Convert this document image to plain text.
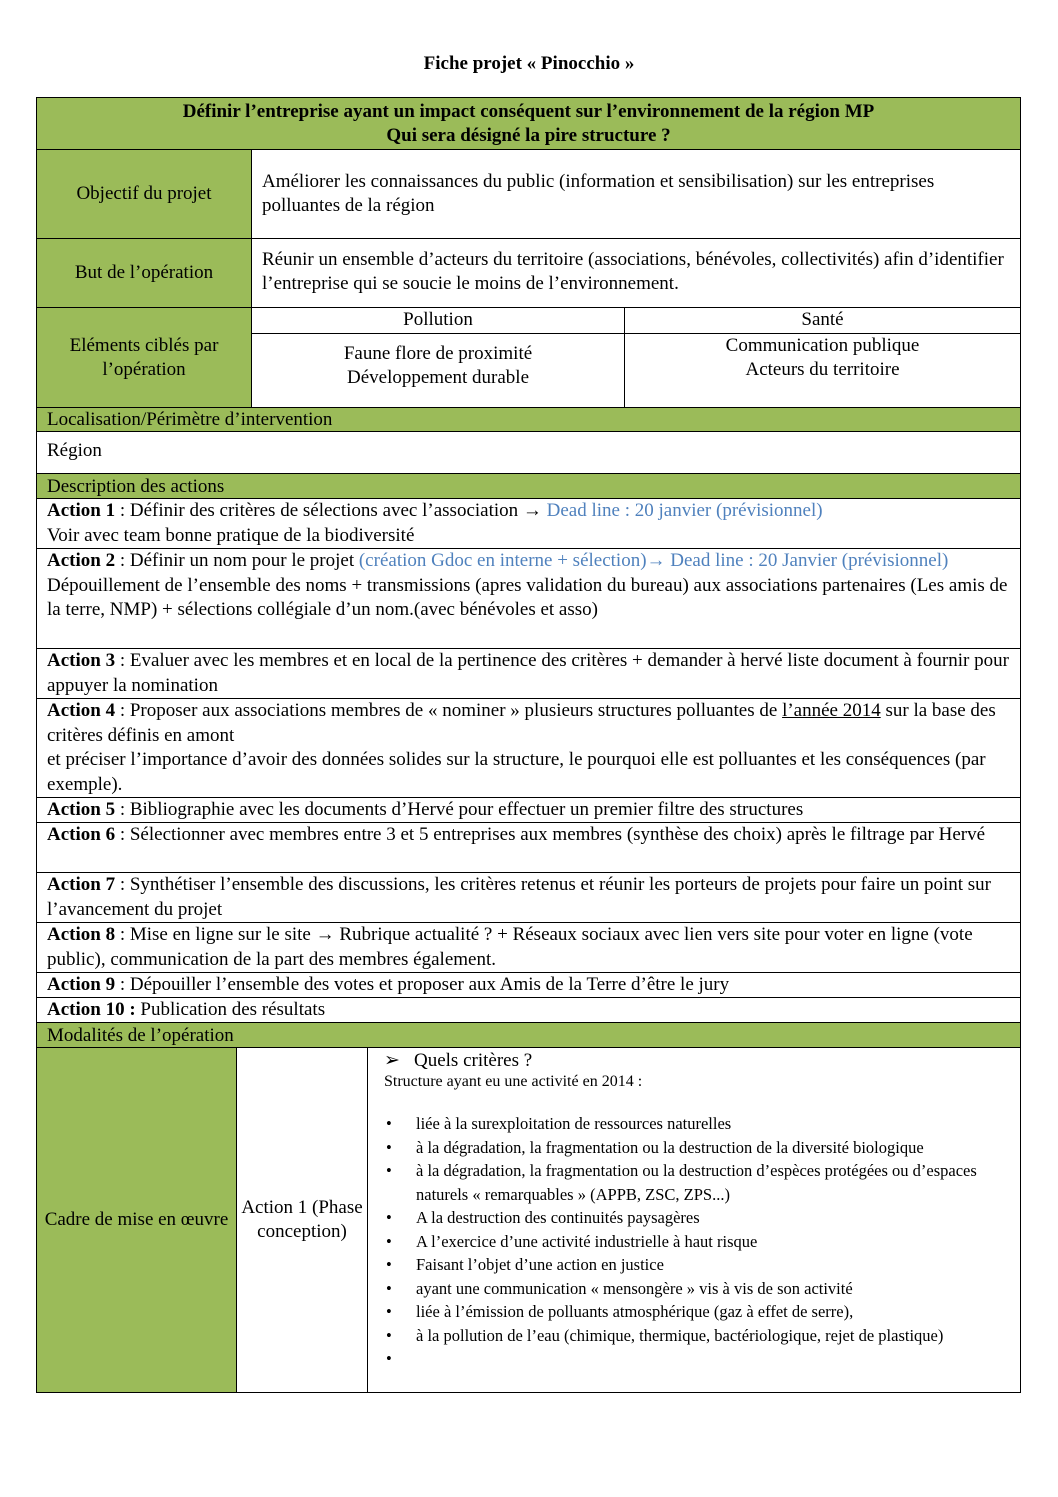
Fiche projet « Pinocchio »
Définir l’entreprise ayant un impact conséquent sur l’environnement de la région MP
Qui sera désigné la pire structure ?
Objectif du projet
Améliorer les connaissances du public (information et sensibilisation) sur les entreprises polluantes de la région
But de l’opération
Réunir un ensemble d’acteurs du territoire (associations, bénévoles, collectivités) afin d’identifier l’entreprise qui se soucie le moins de l’environnement.
Eléments ciblés par l’opération
Pollution	Santé
Faune flore de proximité
Développement durable
Communication publique
Acteurs du territoire
Localisation/Périmètre d’intervention
Région
Description des actions
Action 1 : Définir des critères de sélections avec l’association → Dead line : 20 janvier (prévisionnel)
Voir avec team bonne pratique de la biodiversité
Action 2 : Définir un nom pour le projet (création Gdoc en interne + sélection)→ Dead line : 20 Janvier (prévisionnel)
Dépouillement de l’ensemble des noms + transmissions (apres validation du bureau) aux associations partenaires (Les amis de la terre, NMP) + sélections collégiale d’un nom.(avec bénévoles et asso)
Action 3 : Evaluer avec les membres et en local de la pertinence des critères + demander à hervé liste document à fournir pour appuyer la nomination
Action 4 : Proposer aux associations membres de « nominer » plusieurs structures polluantes de l’année 2014 sur la base des critères définis en amont
et préciser l’importance d’avoir des données solides sur la structure, le pourquoi elle est polluantes et les conséquences (par exemple).
Action 5 : Bibliographie avec les documents d’Hervé pour effectuer un premier filtre des structures
Action 6 : Sélectionner avec membres entre 3 et 5 entreprises aux membres (synthèse des choix) après le filtrage par Hervé
Action 7 : Synthétiser l’ensemble des discussions, les critères retenus et réunir les porteurs de projets pour faire un point sur l’avancement du projet
Action 8 : Mise en ligne sur le site → Rubrique actualité ? + Réseaux sociaux avec lien vers site pour voter en ligne (vote public), communication de la part des membres également.
Action 9 : Dépouiller l’ensemble des votes et proposer aux Amis de la Terre d’être le jury
Action 10 : Publication des résultats
Modalités de l’opération
Cadre de mise en œuvre
Action 1 (Phase conception)
➢ Quels critères ?
Structure ayant eu une activité en 2014 :
• liée à la surexploitation de ressources naturelles
• à la dégradation, la fragmentation ou la destruction de la diversité biologique
• à la dégradation, la fragmentation ou la destruction d’espèces protégées ou d’espaces naturels « remarquables » (APPB, ZSC, ZPS...)
• A la destruction des continuités paysagères
• A l’exercice d’une activité industrielle à haut risque
• Faisant l’objet d’une action en justice
• ayant une communication « mensongère » vis à vis de son activité
• liée à l’émission de polluants atmosphérique (gaz à effet de serre),
• à la pollution de l’eau (chimique, thermique, bactériologique, rejet de plastique)
